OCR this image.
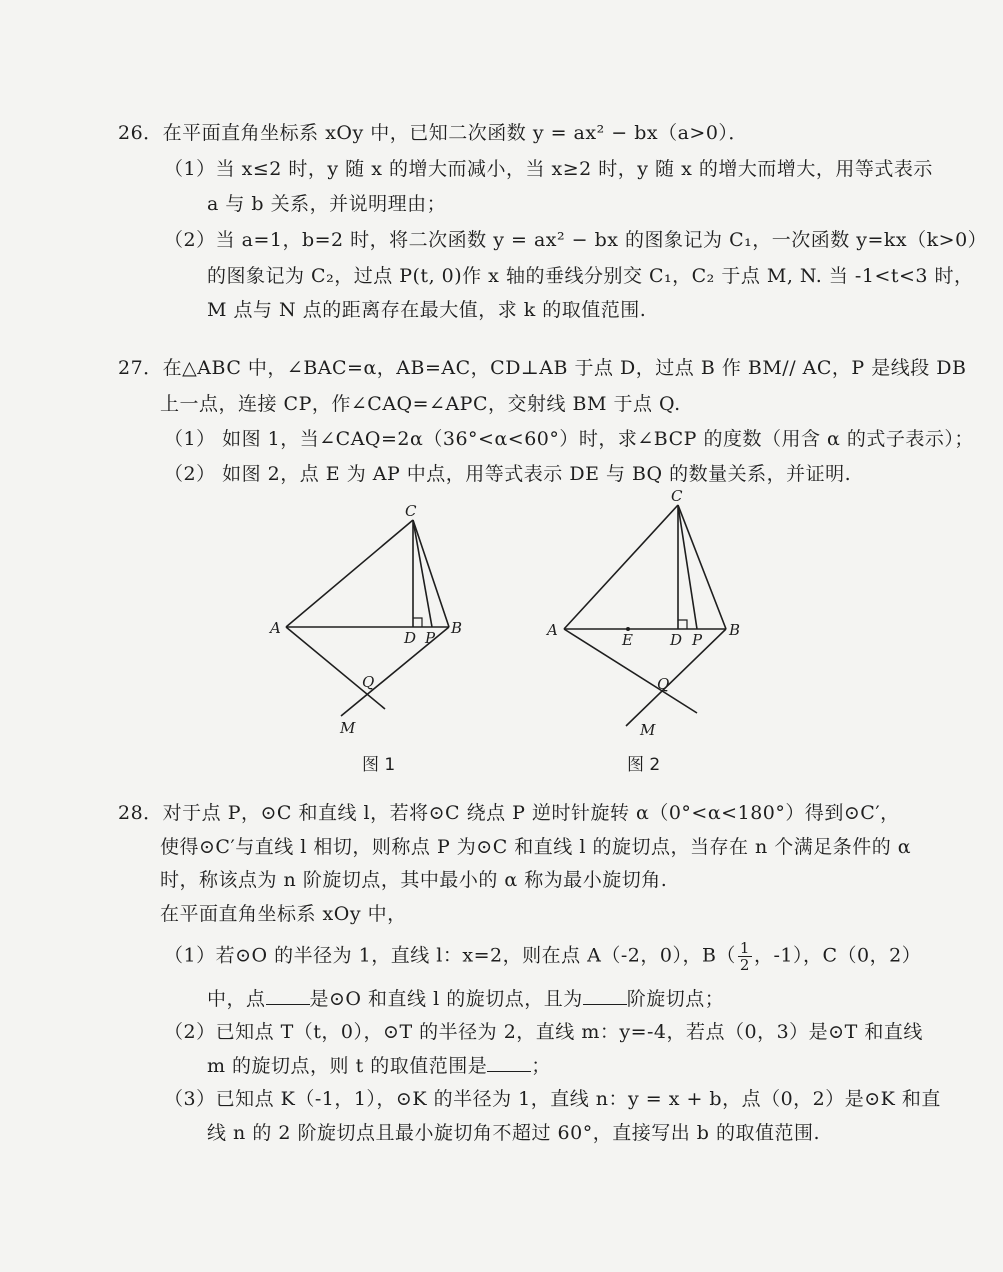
26．在平面直角坐标系 xOy 中，已知二次函数 y = ax² − bx（a>0）．
（1）当 x≤2 时，y 随 x 的增大而减小，当 x≥2 时，y 随 x 的增大而增大，用等式表示
a 与 b 关系，并说明理由；
（2）当 a=1，b=2 时，将二次函数 y = ax² − bx 的图象记为 C₁，一次函数 y=kx（k>0）
的图象记为 C₂，过点 P(t, 0)作 x 轴的垂线分别交 C₁，C₂ 于点 M, N. 当 -1<t<3 时，
M 点与 N 点的距离存在最大值，求 k 的取值范围.
27．在△ABC 中，∠BAC=α，AB=AC，CD⊥AB 于点 D，过点 B 作 BM// AC，P 是线段 DB
上一点，连接 CP，作∠CAQ=∠APC，交射线 BM 于点 Q.
（1） 如图 1，当∠CAQ=2α（36°<α<60°）时，求∠BCP 的度数（用含 α 的式子表示）；
（2） 如图 2，点 E 为 AP 中点，用等式表示 DE 与 BQ 的数量关系，并证明.
C
A
D P
B
Q
M
图 1
C
A
E D P
B
Q
M
图 2
28．对于点 P，⊙C 和直线 l，若将⊙C 绕点 P 逆时针旋转 α（0°<α<180°）得到⊙C′，
使得⊙C′与直线 l 相切，则称点 P 为⊙C 和直线 l 的旋切点，当存在 n 个满足条件的 α
时，称该点为 n 阶旋切点，其中最小的 α 称为最小旋切角.
在平面直角坐标系 xOy 中，
（1）若⊙O 的半径为 1，直线 l：x=2，则在点 A（-2，0），$B( \frac{1}{2}$ ，-1），C（0，2）
中，点 是⊙O 和直线 l 的旋切点，且为 阶旋切点；
（2）已知点 T（t，0），⊙T 的半径为 2，直线 m：y=-4，若点（0，3）是⊙T 和直线
m 的旋切点，则 t 的取值范围是 ；
（3）已知点 K（-1，1），⊙K 的半径为 1，直线 n：y = x + b，点（0，2）是⊙K 和直
线 n 的 2 阶旋切点且最小旋切角不超过 60°，直接写出 b 的取值范围.
